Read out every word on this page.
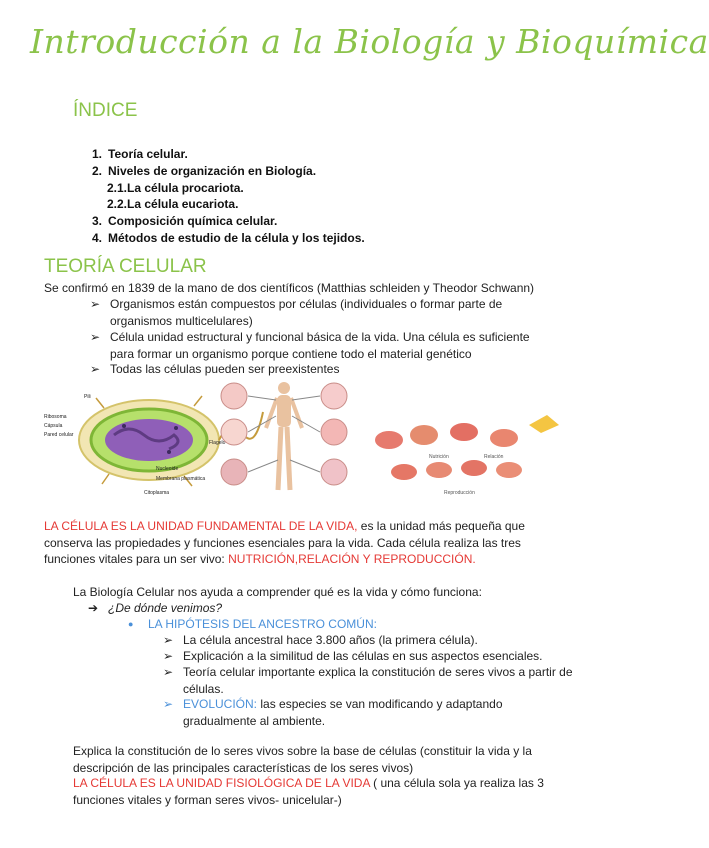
Introducción a la Biología y Bioquímica
ÍNDICE
1. Teoría celular.
2. Niveles de organización en Biología.
2.1.La célula procariota.
2.2.La célula eucariota.
3. Composición química celular.
4. Métodos de estudio de la célula y los tejidos.
TEORÍA CELULAR
Se confirmó en 1839 de la mano de dos científicos (Matthias schleiden y Theodor Schwann)
➢ Organismos están compuestos por células (individuales o formar parte de organismos multicelulares)
➢ Célula unidad estructural y funcional básica de la vida. Una célula es suficiente para formar un organismo porque contiene todo el material genético
➢ Todas las células pueden ser preexistentes
Pili
Ribosoma
Cápsula
Pared celular
Nucleoide
Membrana plasmática
Citoplasma
Flagelo
Nutrición	Relación
Reproducción
LA CÉLULA ES LA UNIDAD FUNDAMENTAL DE LA VIDA, es la unidad más pequeña que conserva las propiedades y funciones esenciales para la vida. Cada célula realiza las tres funciones vitales para un ser vivo: NUTRICIÓN,RELACIÓN Y REPRODUCCIÓN.
La Biología Celular nos ayuda a comprender qué es la vida y cómo funciona:
➔ ¿De dónde venimos?
● LA HIPÓTESIS DEL ANCESTRO COMÚN:
➢ La célula ancestral hace 3.800 años (la primera célula).
➢ Explicación a la similitud de las células en sus aspectos esenciales.
➢ Teoría celular importante explica la constitución de seres vivos a partir de células.
➢ EVOLUCIÓN: las especies se van modificando y adaptando gradualmente al ambiente.
Explica la constitución de lo seres vivos sobre la base de células (constituir la vida y la descripción de las principales características de los seres vivos)
LA CÉLULA ES LA UNIDAD FISIOLÓGICA DE LA VIDA ( una célula sola ya realiza las 3 funciones vitales y forman seres vivos- unicelular-)
